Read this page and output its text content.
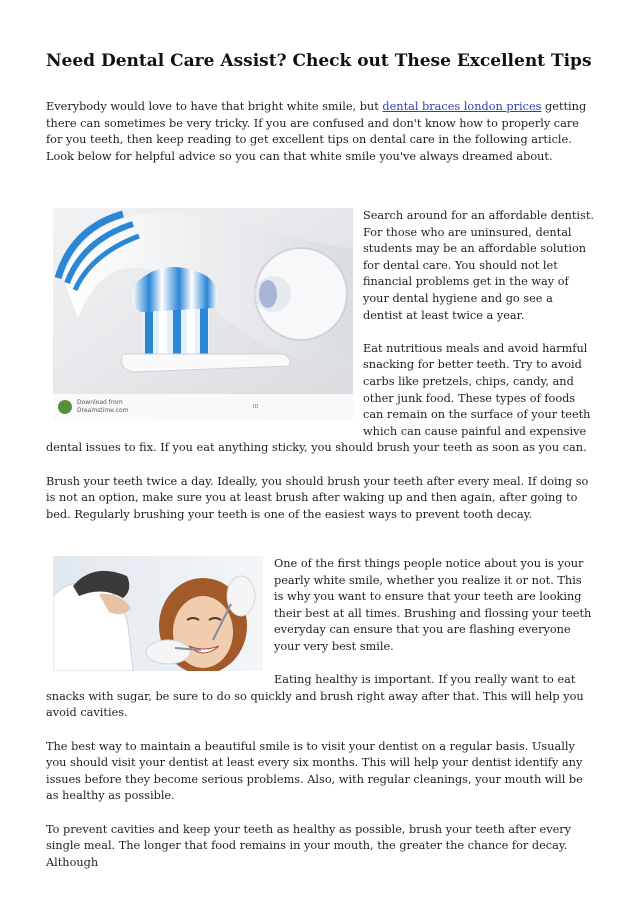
Need Dental Care Assist? Check out These Excellent Tips

Everybody would love to have that bright white smile, but dental braces london prices getting there can sometimes be very tricky. If you are confused and don't know how to properly care for you teeth, then keep reading to get excellent tips on dental care in the following article. Look below for helpful advice so you can that white smile you've always dreamed about.

Download from
Dreamstime.com	ID

Search around for an affordable dentist. For those who are uninsured, dental students may be an affordable solution for dental care. You should not let financial problems get in the way of your dental hygiene and go see a dentist at least twice a year.

Eat nutritious meals and avoid harmful snacking for better teeth. Try to avoid carbs like pretzels, chips, candy, and other junk food. These types of foods can remain on the surface of your teeth which can cause painful and expensive dental issues to fix. If you eat anything sticky, you should brush your teeth as soon as you can.

Brush your teeth twice a day. Ideally, you should brush your teeth after every meal. If doing so is not an option, make sure you at least brush after waking up and then again, after going to bed. Regularly brushing your teeth is one of the easiest ways to prevent tooth decay.

One of the first things people notice about you is your pearly white smile, whether you realize it or not. This is why you want to ensure that your teeth are looking their best at all times. Brushing and flossing your teeth everyday can ensure that you are flashing everyone your very best smile.

Eating healthy is important. If you really want to eat snacks with sugar, be sure to do so quickly and brush right away after that. This will help you avoid cavities.

The best way to maintain a beautiful smile is to visit your dentist on a regular basis. Usually you should visit your dentist at least every six months. This will help your dentist identify any issues before they become serious problems. Also, with regular cleanings, your mouth will be as healthy as possible.

To prevent cavities and keep your teeth as healthy as possible, brush your teeth after every single meal. The longer that food remains in your mouth, the greater the chance for decay. Although
